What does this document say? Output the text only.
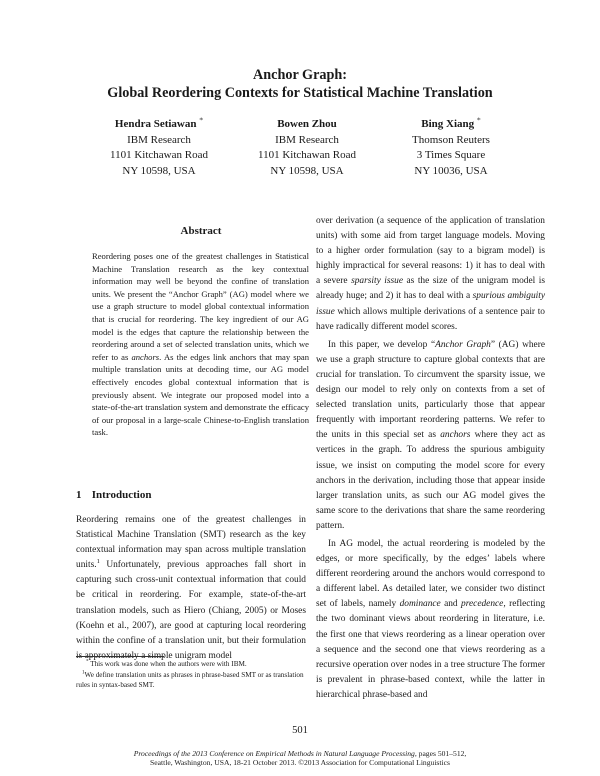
Anchor Graph:
Global Reordering Contexts for Statistical Machine Translation
Hendra Setiawan *
IBM Research
1101 Kitchawan Road
NY 10598, USA
Bowen Zhou
IBM Research
1101 Kitchawan Road
NY 10598, USA
Bing Xiang *
Thomson Reuters
3 Times Square
NY 10036, USA
Abstract
Reordering poses one of the greatest challenges in Statistical Machine Translation research as the key contextual information may well be beyond the confine of translation units. We present the “Anchor Graph” (AG) model where we use a graph structure to model global contextual information that is crucial for reordering. The key ingredient of our AG model is the edges that capture the relationship between the reordering around a set of selected translation units, which we refer to as anchors. As the edges link anchors that may span multiple translation units at decoding time, our AG model effectively encodes global contextual information that is previously absent. We integrate our proposed model into a state-of-the-art translation system and demonstrate the efficacy of our proposal in a large-scale Chinese-to-English translation task.
1 Introduction
Reordering remains one of the greatest challenges in Statistical Machine Translation (SMT) research as the key contextual information may span across multiple translation units.$^1$ Unfortunately, previous approaches fall short in capturing such cross-unit contextual information that could be critical in reordering. For example, state-of-the-art translation models, such as Hiero (Chiang, 2005) or Moses (Koehn et al., 2007), are good at capturing local reordering within the confine of a translation unit, but their formulation is approximately a simple unigram model
* This work was done when the authors were with IBM.
$^1$We define translation units as phrases in phrase-based SMT or as translation rules in syntax-based SMT.

over derivation (a sequence of the application of translation units) with some aid from target language models. Moving to a higher order formulation (say to a bigram model) is highly impractical for several reasons: 1) it has to deal with a severe sparsity issue as the size of the unigram model is already huge; and 2) it has to deal with a spurious ambiguity issue which allows multiple derivations of a sentence pair to have radically different model scores.

In this paper, we develop “Anchor Graph” (AG) where we use a graph structure to capture global contexts that are crucial for translation. To circumvent the sparsity issue, we design our model to rely only on contexts from a set of selected translation units, particularly those that appear frequently with important reordering patterns. We refer to the units in this special set as anchors where they act as vertices in the graph. To address the spurious ambiguity issue, we insist on computing the model score for every anchors in the derivation, including those that appear inside larger translation units, as such our AG model gives the same score to the derivations that share the same reordering pattern.

In AG model, the actual reordering is modeled by the edges, or more specifically, by the edges’ labels where different reordering around the anchors would correspond to a different label. As detailed later, we consider two distinct set of labels, namely dominance and precedence, reflecting the two dominant views about reordering in literature, i.e. the first one that views reordering as a linear operation over a sequence and the second one that views reordering as a recursive operation over nodes in a tree structure The former is prevalent in phrase-based context, while the latter in hierarchical phrase-based and

501
Proceedings of the 2013 Conference on Empirical Methods in Natural Language Processing, pages 501–512,
Seattle, Washington, USA, 18-21 October 2013. ©2013 Association for Computational Linguistics
